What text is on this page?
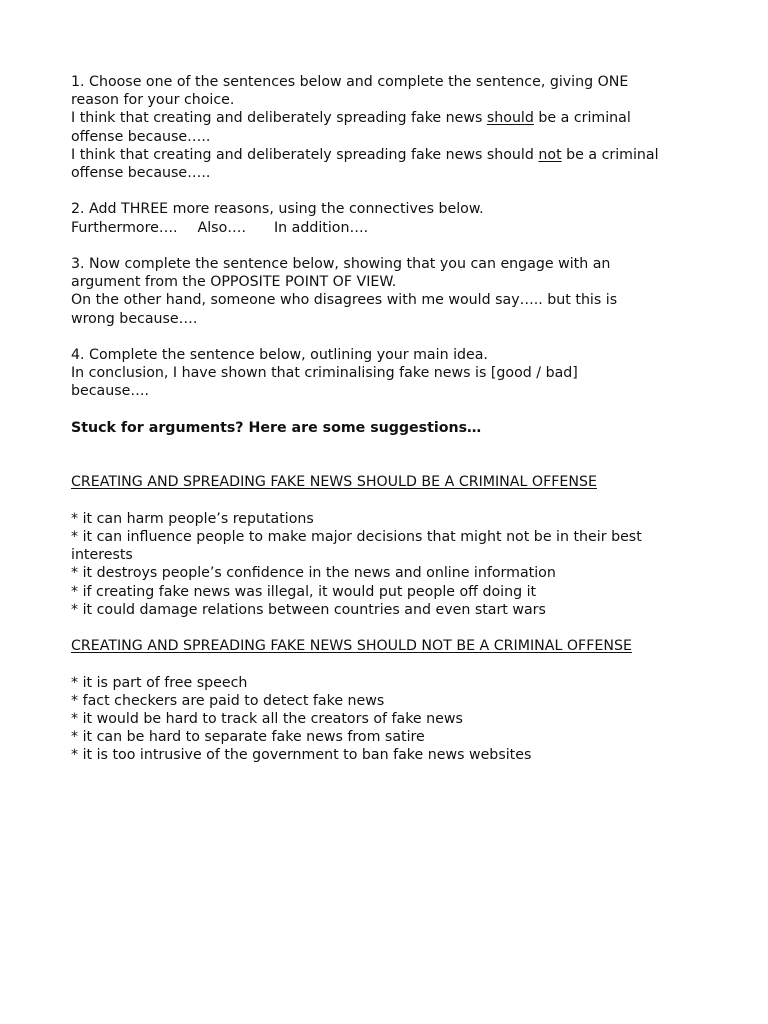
1. Choose one of the sentences below and complete the sentence, giving ONE

reason for your choice.

I think that creating and deliberately spreading fake news should be a criminal

offense because…..

I think that creating and deliberately spreading fake news should not be a criminal

offense because…..

2. Add THREE more reasons, using the connectives below.

Furthermore…. Also…. In addition….

3. Now complete the sentence below, showing that you can engage with an

argument from the OPPOSITE POINT OF VIEW.

On the other hand, someone who disagrees with me would say….. but this is

wrong because….

4. Complete the sentence below, outlining your main idea.

In conclusion, I have shown that criminalising fake news is [good / bad]

because….

Stuck for arguments? Here are some suggestions…

CREATING AND SPREADING FAKE NEWS SHOULD BE A CRIMINAL OFFENSE

* it can harm people’s reputations

* it can influence people to make major decisions that might not be in their best

interests

* it destroys people’s confidence in the news and online information

* if creating fake news was illegal, it would put people off doing it

* it could damage relations between countries and even start wars

CREATING AND SPREADING FAKE NEWS SHOULD NOT BE A CRIMINAL OFFENSE

* it is part of free speech

* fact checkers are paid to detect fake news

* it would be hard to track all the creators of fake news

* it can be hard to separate fake news from satire

* it is too intrusive of the government to ban fake news websites
